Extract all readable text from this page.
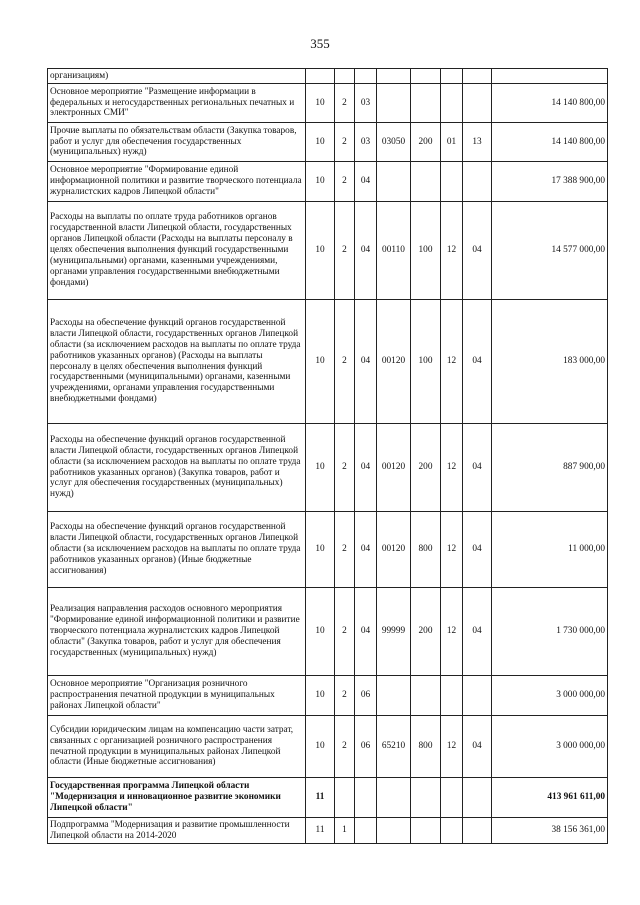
355
организациям)								
Основное мероприятие "Размещение информации в федеральных и негосударственных региональных печатных и электронных СМИ"	10	2	03					14 140 800,00
Прочие выплаты по обязательствам области (Закупка товаров, работ и услуг для обеспечения государственных (муниципальных) нужд)	10	2	03	03050	200	01	13	14 140 800,00
Основное мероприятие "Формирование единой информационной политики и развитие творческого потенциала журналистских кадров Липецкой области"	10	2	04					17 388 900,00
Расходы на выплаты по оплате труда работников органов государственной власти Липецкой области, государственных органов Липецкой области (Расходы на выплаты персоналу в целях обеспечения выполнения функций государственными (муниципальными) органами, казенными учреждениями, органами управления государственными внебюджетными фондами)	10	2	04	00110	100	12	04	14 577 000,00
Расходы на обеспечение функций органов государственной власти Липецкой области, государственных органов Липецкой области (за исключением расходов на выплаты по оплате труда работников указанных органов) (Расходы на выплаты персоналу в целях обеспечения выполнения функций государственными (муниципальными) органами, казенными учреждениями, органами управления государственными внебюджетными фондами)	10	2	04	00120	100	12	04	183 000,00
Расходы на обеспечение функций органов государственной власти Липецкой области, государственных органов Липецкой области (за исключением расходов на выплаты по оплате труда работников указанных органов) (Закупка товаров, работ и услуг для обеспечения государственных (муниципальных) нужд)	10	2	04	00120	200	12	04	887 900,00
Расходы на обеспечение функций органов государственной власти Липецкой области, государственных органов Липецкой области (за исключением расходов на выплаты по оплате труда работников указанных органов) (Иные бюджетные ассигнования)	10	2	04	00120	800	12	04	11 000,00
Реализация направления расходов основного мероприятия "Формирование единой информационной политики и развитие творческого потенциала журналистских кадров Липецкой области" (Закупка товаров, работ и услуг для обеспечения государственных (муниципальных) нужд)	10	2	04	99999	200	12	04	1 730 000,00
Основное мероприятие "Организация розничного распространения печатной продукции в муниципальных районах Липецкой области"	10	2	06					3 000 000,00
Субсидии юридическим лицам на компенсацию части затрат, связанных с организацией розничного распространения печатной продукции в муниципальных районах Липецкой области (Иные бюджетные ассигнования)	10	2	06	65210	800	12	04	3 000 000,00
Государственная программа Липецкой области "Модернизация и инновационное развитие экономики Липецкой области"	11							413 961 611,00
Подпрограмма "Модернизация и развитие промышленности Липецкой области на 2014-2020	11	1						38 156 361,00
